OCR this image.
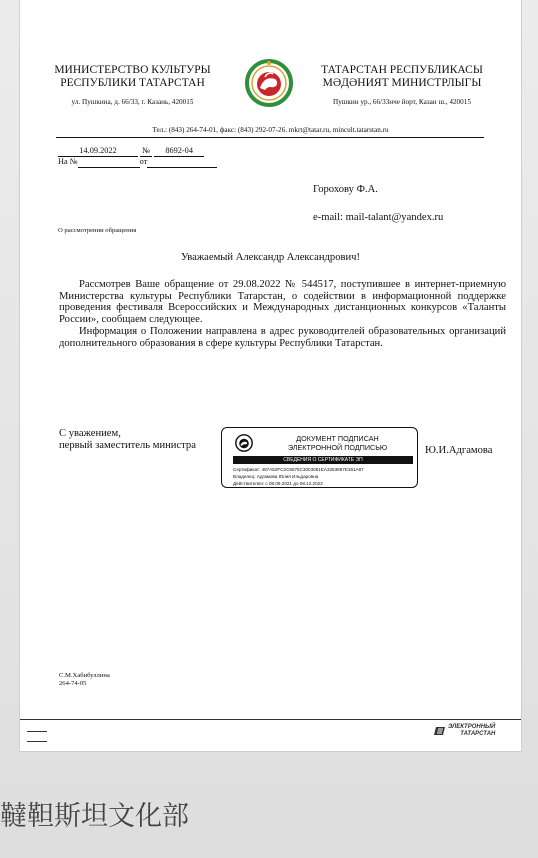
МИНИСТЕРСТВО КУЛЬТУРЫ
РЕСПУБЛИКИ ТАТАРСТАН
ТАТАРСТАН РЕСПУБЛИКАСЫ
МӘДӘНИЯТ МИНИСТРЛЫГЫ
ул. Пушкина, д. 66/33, г. Казань, 420015	Пушкин ур., 66/33нче йорт, Казан ш., 420015
Тел.: (843) 264-74-01, факс: (843) 292-07-26. mkrt@tatar.ru, mincult.tatarstan.ru
14.09.2022	№ 8692-04
На №	от
Горохову Ф.А.
e-mail: mail-talant@yandex.ru
О рассмотрении обращения
Уважаемый Александр Александрович!

Рассмотрев Ваше обращение от 29.08.2022 № 544517, поступившее в интернет-приемную Министерства культуры Республики Татарстан, о содействии в информационной поддержке проведения фестиваля Всероссийских и Международных дистанционных конкурсов «Таланты России», сообщаем следующее.

Информация о Положении направлена в адрес руководителей образовательных организаций дополнительного образования в сфере культуры Республики Татарстан.

С уважением,
первый заместитель министра
ДОКУМЕНТ ПОДПИСАН
ЭЛЕКТРОННОЙ ПОДПИСЬЮ
СВЕДЕНИЯ О СЕРТИФИКАТЕ ЭП
Сертификат: 487A52FC2C8575C3003061EA3283887E361A87
Владелец: Адгамова Юлия Ильдаровна
Действителен: с 08.09.2021 до 08.12.2022
Ю.И.Адгамова
С.М.Хабибуллина
264-74-05
ЭЛЕКТРОННЫЙ
ТАТАРСТАН
韃靼斯坦文化部
